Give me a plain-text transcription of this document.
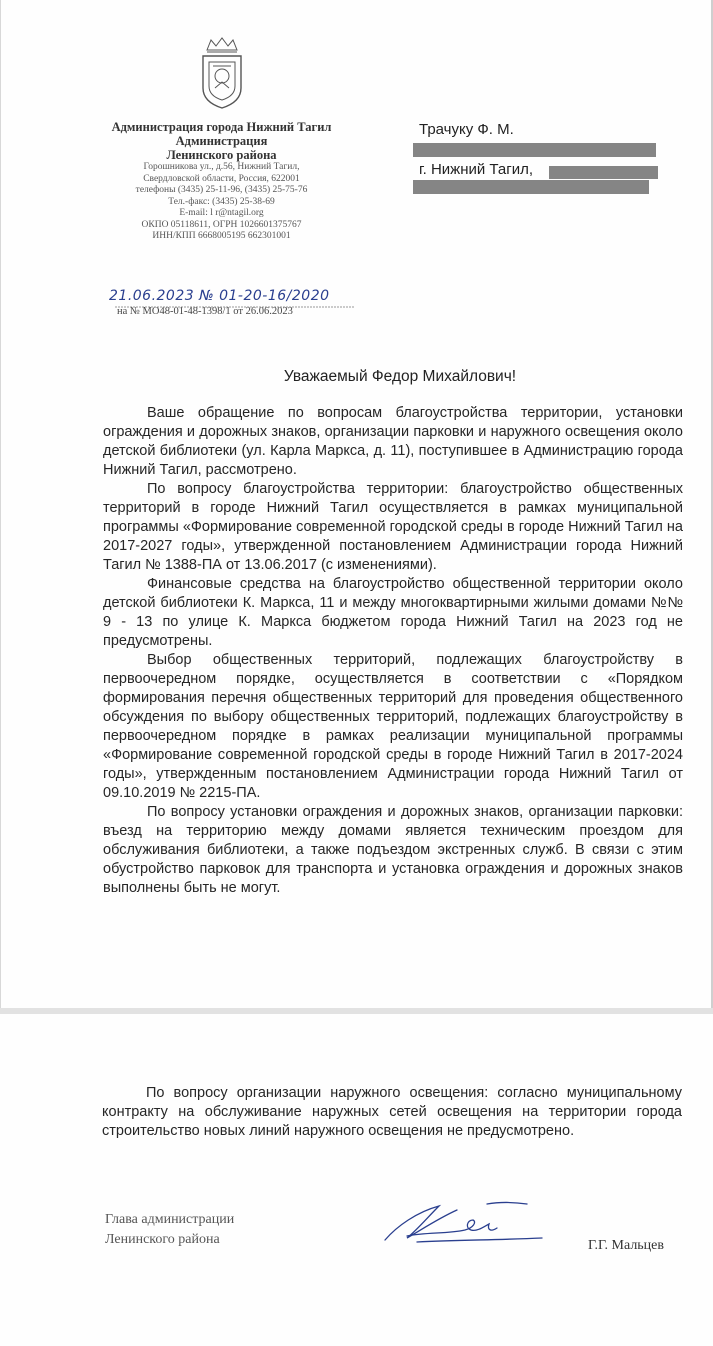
Администрация города Нижний Тагил
Администрация
Ленинского района
Горошникова ул., д.56, Нижний Тагил,
Свердловской области, Россия, 622001
телефоны (3435) 25-11-96, (3435) 25-75-76
Тел.-факс: (3435) 25-38-69
E-mail: l r@ntagil.org
ОКПО 05118611, ОГРН 1026601375767
ИНН/КПП 6668005195 662301001
Трачуку Ф. М.
г. Нижний Тагил,
21.06.2023 № 01-20-16/2020
на № МО48-01-48-1398/1 от 26.06.2023
Уважаемый Федор Михайлович!

Ваше обращение по вопросам благоустройства территории, установки ограждения и дорожных знаков, организации парковки и наружного освещения около детской библиотеки (ул. Карла Маркса, д. 11), поступившее в Администрацию города Нижний Тагил, рассмотрено.

По вопросу благоустройства территории: благоустройство общественных территорий в городе Нижний Тагил осуществляется в рамках муниципальной программы «Формирование современной городской среды в городе Нижний Тагил на 2017-2027 годы», утвержденной постановлением Администрации города Нижний Тагил № 1388-ПА от 13.06.2017 (с изменениями).

Финансовые средства на благоустройство общественной территории около детской библиотеки К. Маркса, 11 и между многоквартирными жилыми домами №№ 9 - 13 по улице К. Маркса бюджетом города Нижний Тагил на 2023 год не предусмотрены.

Выбор общественных территорий, подлежащих благоустройству в первоочередном порядке, осуществляется в соответствии с «Порядком формирования перечня общественных территорий для проведения общественного обсуждения по выбору общественных территорий, подлежащих благоустройству в первоочередном порядке в рамках реализации муниципальной программы «Формирование современной городской среды в городе Нижний Тагил в 2017-2024 годы», утвержденным постановлением Администрации города Нижний Тагил от 09.10.2019 № 2215-ПА.

По вопросу установки ограждения и дорожных знаков, организации парковки: въезд на территорию между домами является техническим проездом для обслуживания библиотеки, а также подъездом экстренных служб. В связи с этим обустройство парковок для транспорта и установка ограждения и дорожных знаков выполнены быть не могут.

По вопросу организации наружного освещения: согласно муниципальному контракту на обслуживание наружных сетей освещения на территории города строительство новых линий наружного освещения не предусмотрено.

Глава администрации
Ленинского района	Г.Г. Мальцев
